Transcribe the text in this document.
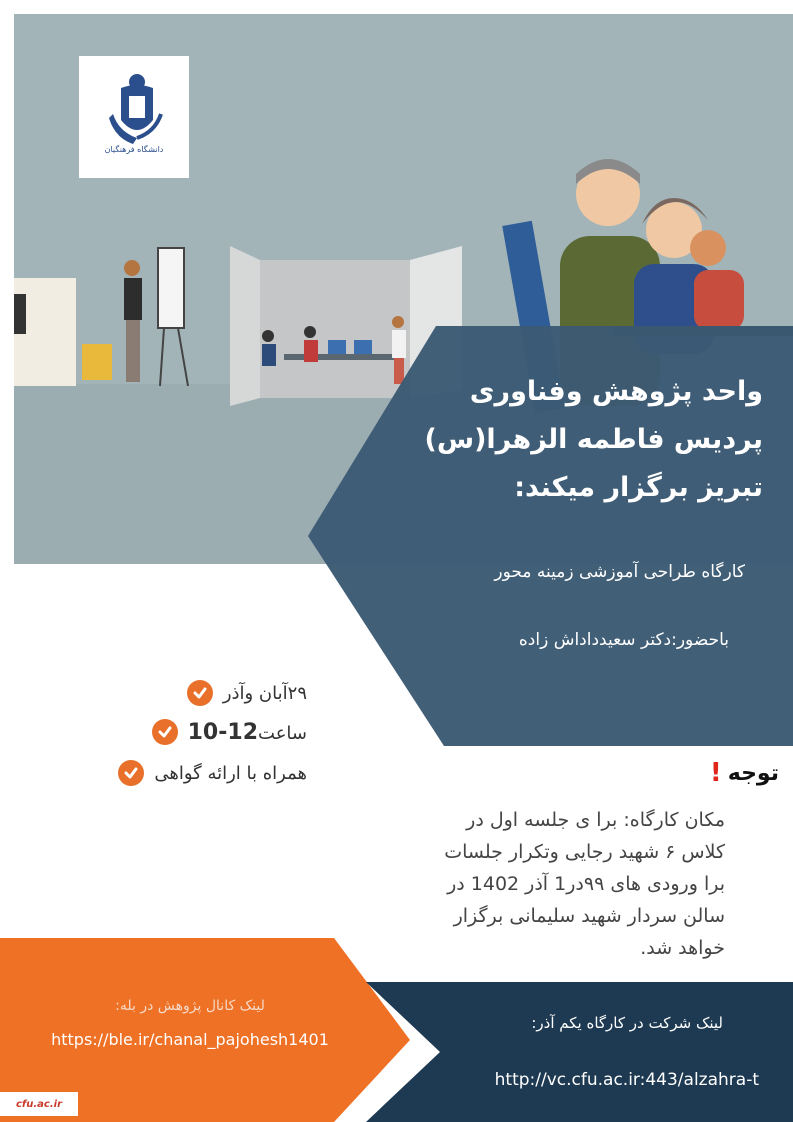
دانشگاه فرهنگیان
واحد پژوهش وفناوری
پردیس فاطمه الزهرا(س)
تبریز برگزار میکند:
کارگاه طراحی آموزشی زمینه محور
باحضور:دکتر سعیدداداش زاده
۲۹آبان وآذر
ساعت12-10
همراه با ارائه گواهی	توجه
!
مکان کارگاه: برا ی جلسه اول در
کلاس ۶ شهید رجایی وتکرار جلسات
برا ورودی های ۹۹در1 آذر 1402 در
سالن سردار شهید سلیمانی برگزار
خواهد شد.
لینک کانال پژوهش در بله:
https://ble.ir/chanal_pajohesh1401
لینک شرکت در کارگاه یکم آذر:
http://vc.cfu.ac.ir:443/alzahra-t
cfu.ac.ir
